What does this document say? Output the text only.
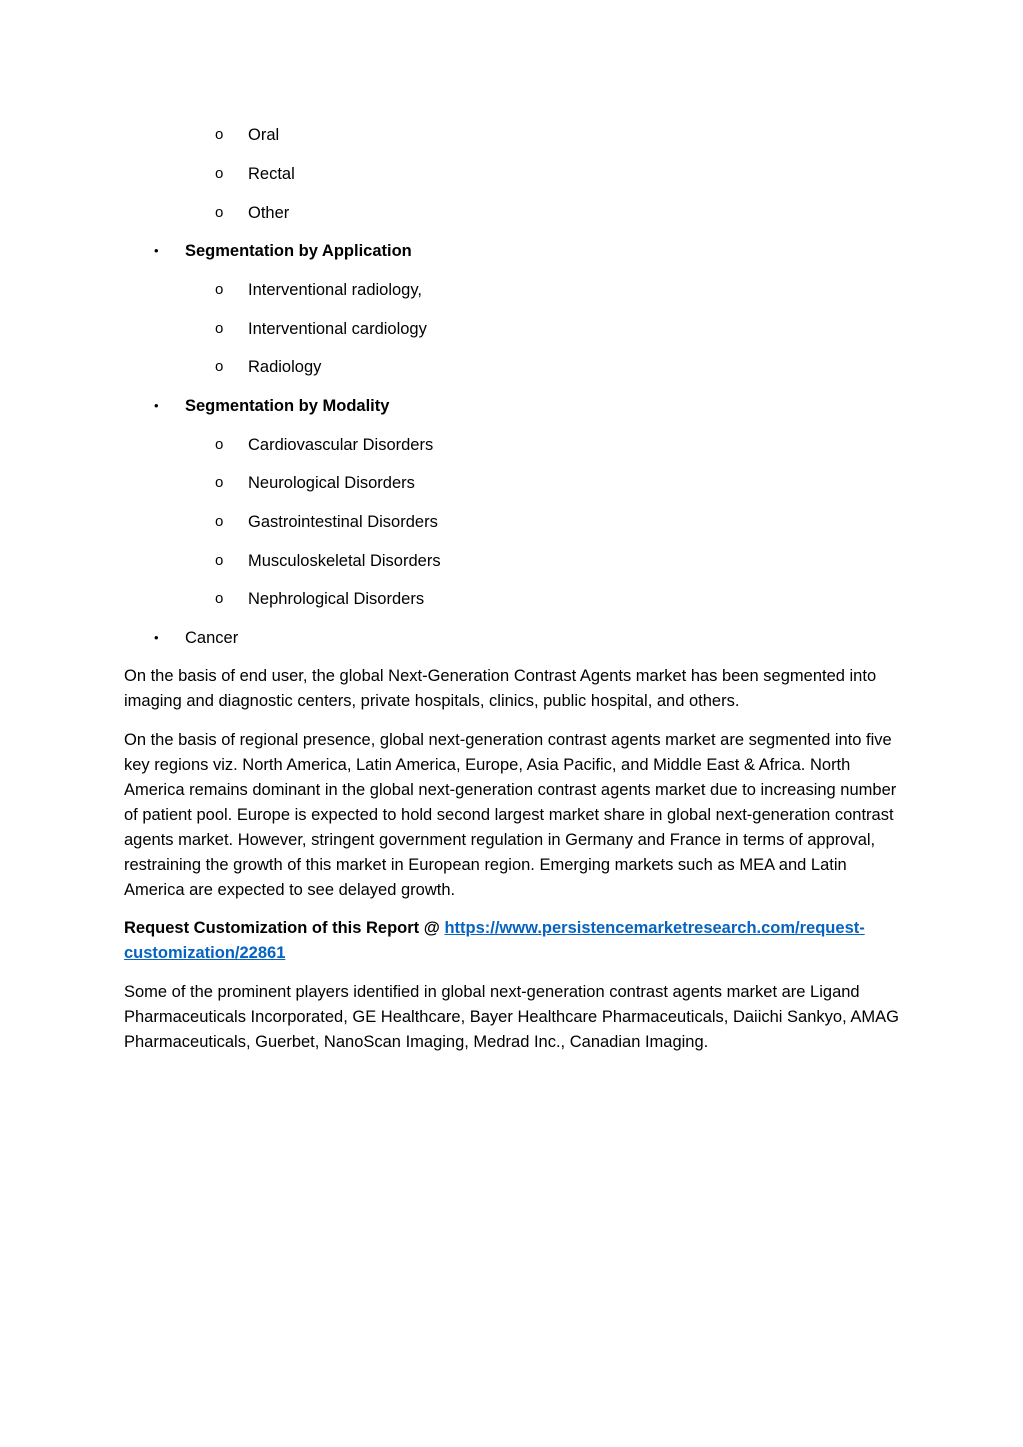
o Oral
o Rectal
o Other
• Segmentation by Application
o Interventional radiology,
o Interventional cardiology
o Radiology
• Segmentation by Modality
o Cardiovascular Disorders
o Neurological Disorders
o Gastrointestinal Disorders
o Musculoskeletal Disorders
o Nephrological Disorders
• Cancer

On the basis of end user, the global Next-Generation Contrast Agents market has been segmented into imaging and diagnostic centers, private hospitals, clinics, public hospital, and others.

On the basis of regional presence, global next-generation contrast agents market are segmented into five key regions viz. North America, Latin America, Europe, Asia Pacific, and Middle East & Africa. North America remains dominant in the global next-generation contrast agents market due to increasing number of patient pool. Europe is expected to hold second largest market share in global next-generation contrast agents market. However, stringent government regulation in Germany and France in terms of approval, restraining the growth of this market in European region. Emerging markets such as MEA and Latin America are expected to see delayed growth.

Request Customization of this Report @ https://www.persistencemarketresearch.com/request-customization/22861

Some of the prominent players identified in global next-generation contrast agents market are Ligand Pharmaceuticals Incorporated, GE Healthcare, Bayer Healthcare Pharmaceuticals, Daiichi Sankyo, AMAG Pharmaceuticals, Guerbet, NanoScan Imaging, Medrad Inc., Canadian Imaging.
